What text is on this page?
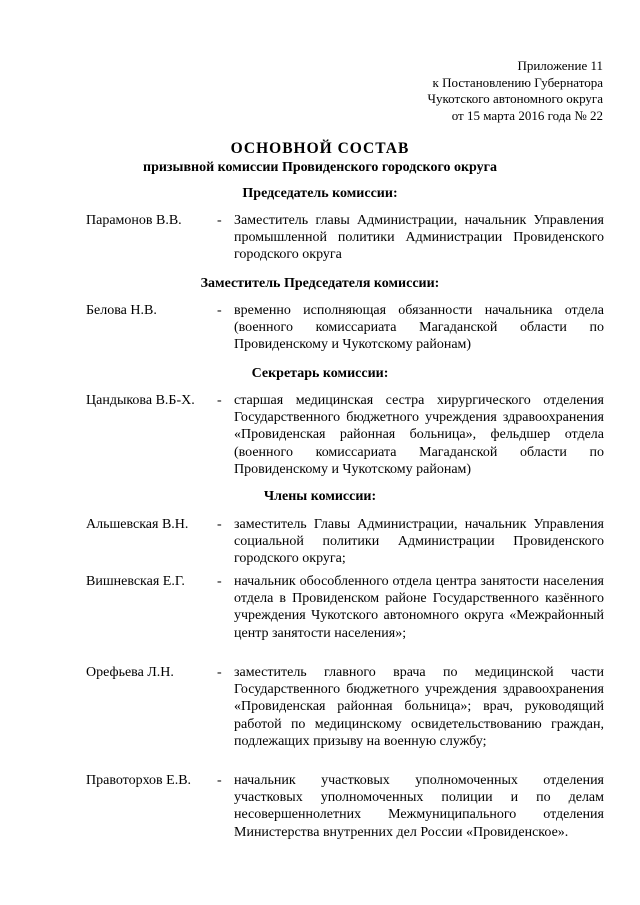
Приложение 11
к Постановлению Губернатора
Чукотского автономного округа
от 15 марта 2016 года № 22
ОСНОВНОЙ СОСТАВ
призывной комиссии Провиденского городского округа
Председатель комиссии:
Парамонов В.В.	- Заместитель главы Администрации, начальник Управления промышленной политики Администрации Провиденского городского округа
Заместитель Председателя комиссии:
Белова Н.В.	- временно исполняющая обязанности начальника отдела (военного комиссариата Магаданской области по Провиденскому и Чукотскому районам)
Секретарь комиссии:
Цандыкова В.Б-Х. - старшая медицинская сестра хирургического отделения Государственного бюджетного учреждения здравоохранения «Провиденская районная больница», фельдшер отдела (военного комиссариата Магаданской области по Провиденскому и Чукотскому районам)
Члены комиссии:
Альшевская В.Н. - заместитель Главы Администрации, начальник Управления социальной политики Администрации Провиденского городского округа;
Вишневская Е.Г. - начальник обособленного отдела центра занятости населения отдела в Провиденском районе Государственного казённого учреждения Чукотского автономного округа «Межрайонный центр занятости населения»;
Орефьева Л.Н.	- заместитель главного врача по медицинской части Государственного бюджетного учреждения здравоохранения «Провиденская районная больница»; врач, руководящий работой по медицинскому освидетельствованию граждан, подлежащих призыву на военную службу;
Правоторхов Е.В. - начальник участковых уполномоченных отделения участковых уполномоченных полиции и по делам несовершеннолетних Межмуниципального отделения Министерства внутренних дел России «Провиденское».
